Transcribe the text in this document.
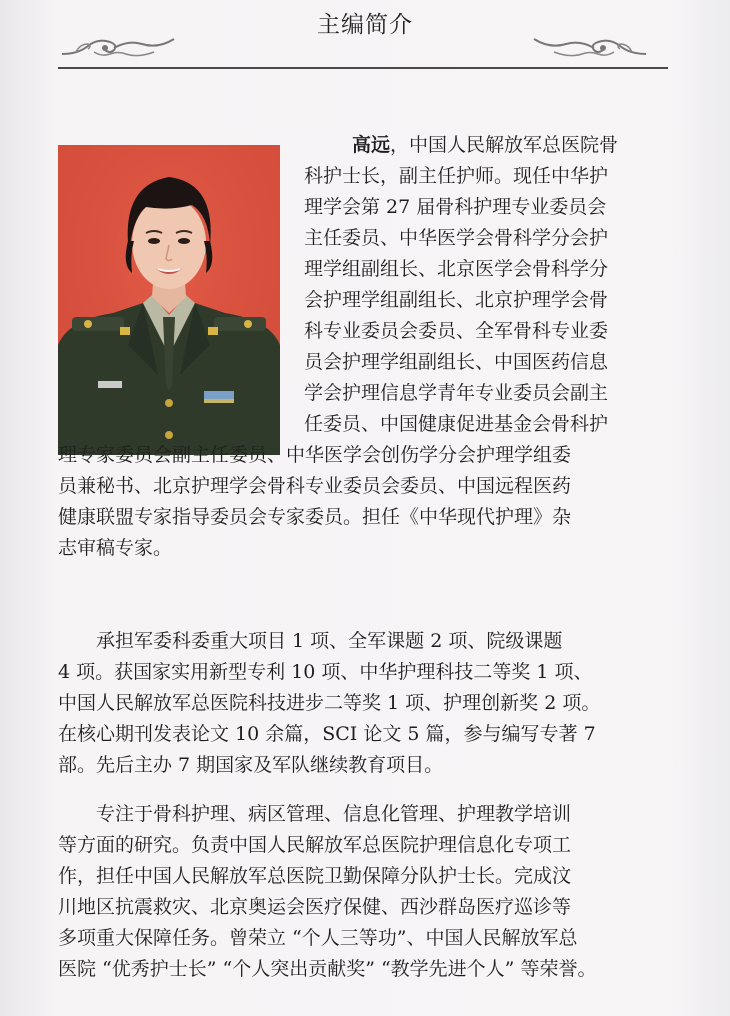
主编简介
高远，中国人民解放军总医院骨
科护士长，副主任护师。现任中华护
理学会第 27 届骨科护理专业委员会
主任委员、中华医学会骨科学分会护
理学组副组长、北京医学会骨科学分
会护理学组副组长、北京护理学会骨
科专业委员会委员、全军骨科专业委
员会护理学组副组长、中国医药信息
学会护理信息学青年专业委员会副主
任委员、中国健康促进基金会骨科护
理专家委员会副主任委员、中华医学会创伤学分会护理学组委
员兼秘书、北京护理学会骨科专业委员会委员、中国远程医药
健康联盟专家指导委员会专家委员。担任《中华现代护理》杂
志审稿专家。
承担军委科委重大项目 1 项、全军课题 2 项、院级课题
4 项。获国家实用新型专利 10 项、中华护理科技二等奖 1 项、
中国人民解放军总医院科技进步二等奖 1 项、护理创新奖 2 项。
在核心期刊发表论文 10 余篇，SCI 论文 5 篇，参与编写专著 7
部。先后主办 7 期国家及军队继续教育项目。
专注于骨科护理、病区管理、信息化管理、护理教学培训
等方面的研究。负责中国人民解放军总医院护理信息化专项工
作，担任中国人民解放军总医院卫勤保障分队护士长。完成汶
川地区抗震救灾、北京奥运会医疗保健、西沙群岛医疗巡诊等
多项重大保障任务。曾荣立 “个人三等功”、中国人民解放军总
医院 “优秀护士长” “个人突出贡献奖” “教学先进个人” 等荣誉。
